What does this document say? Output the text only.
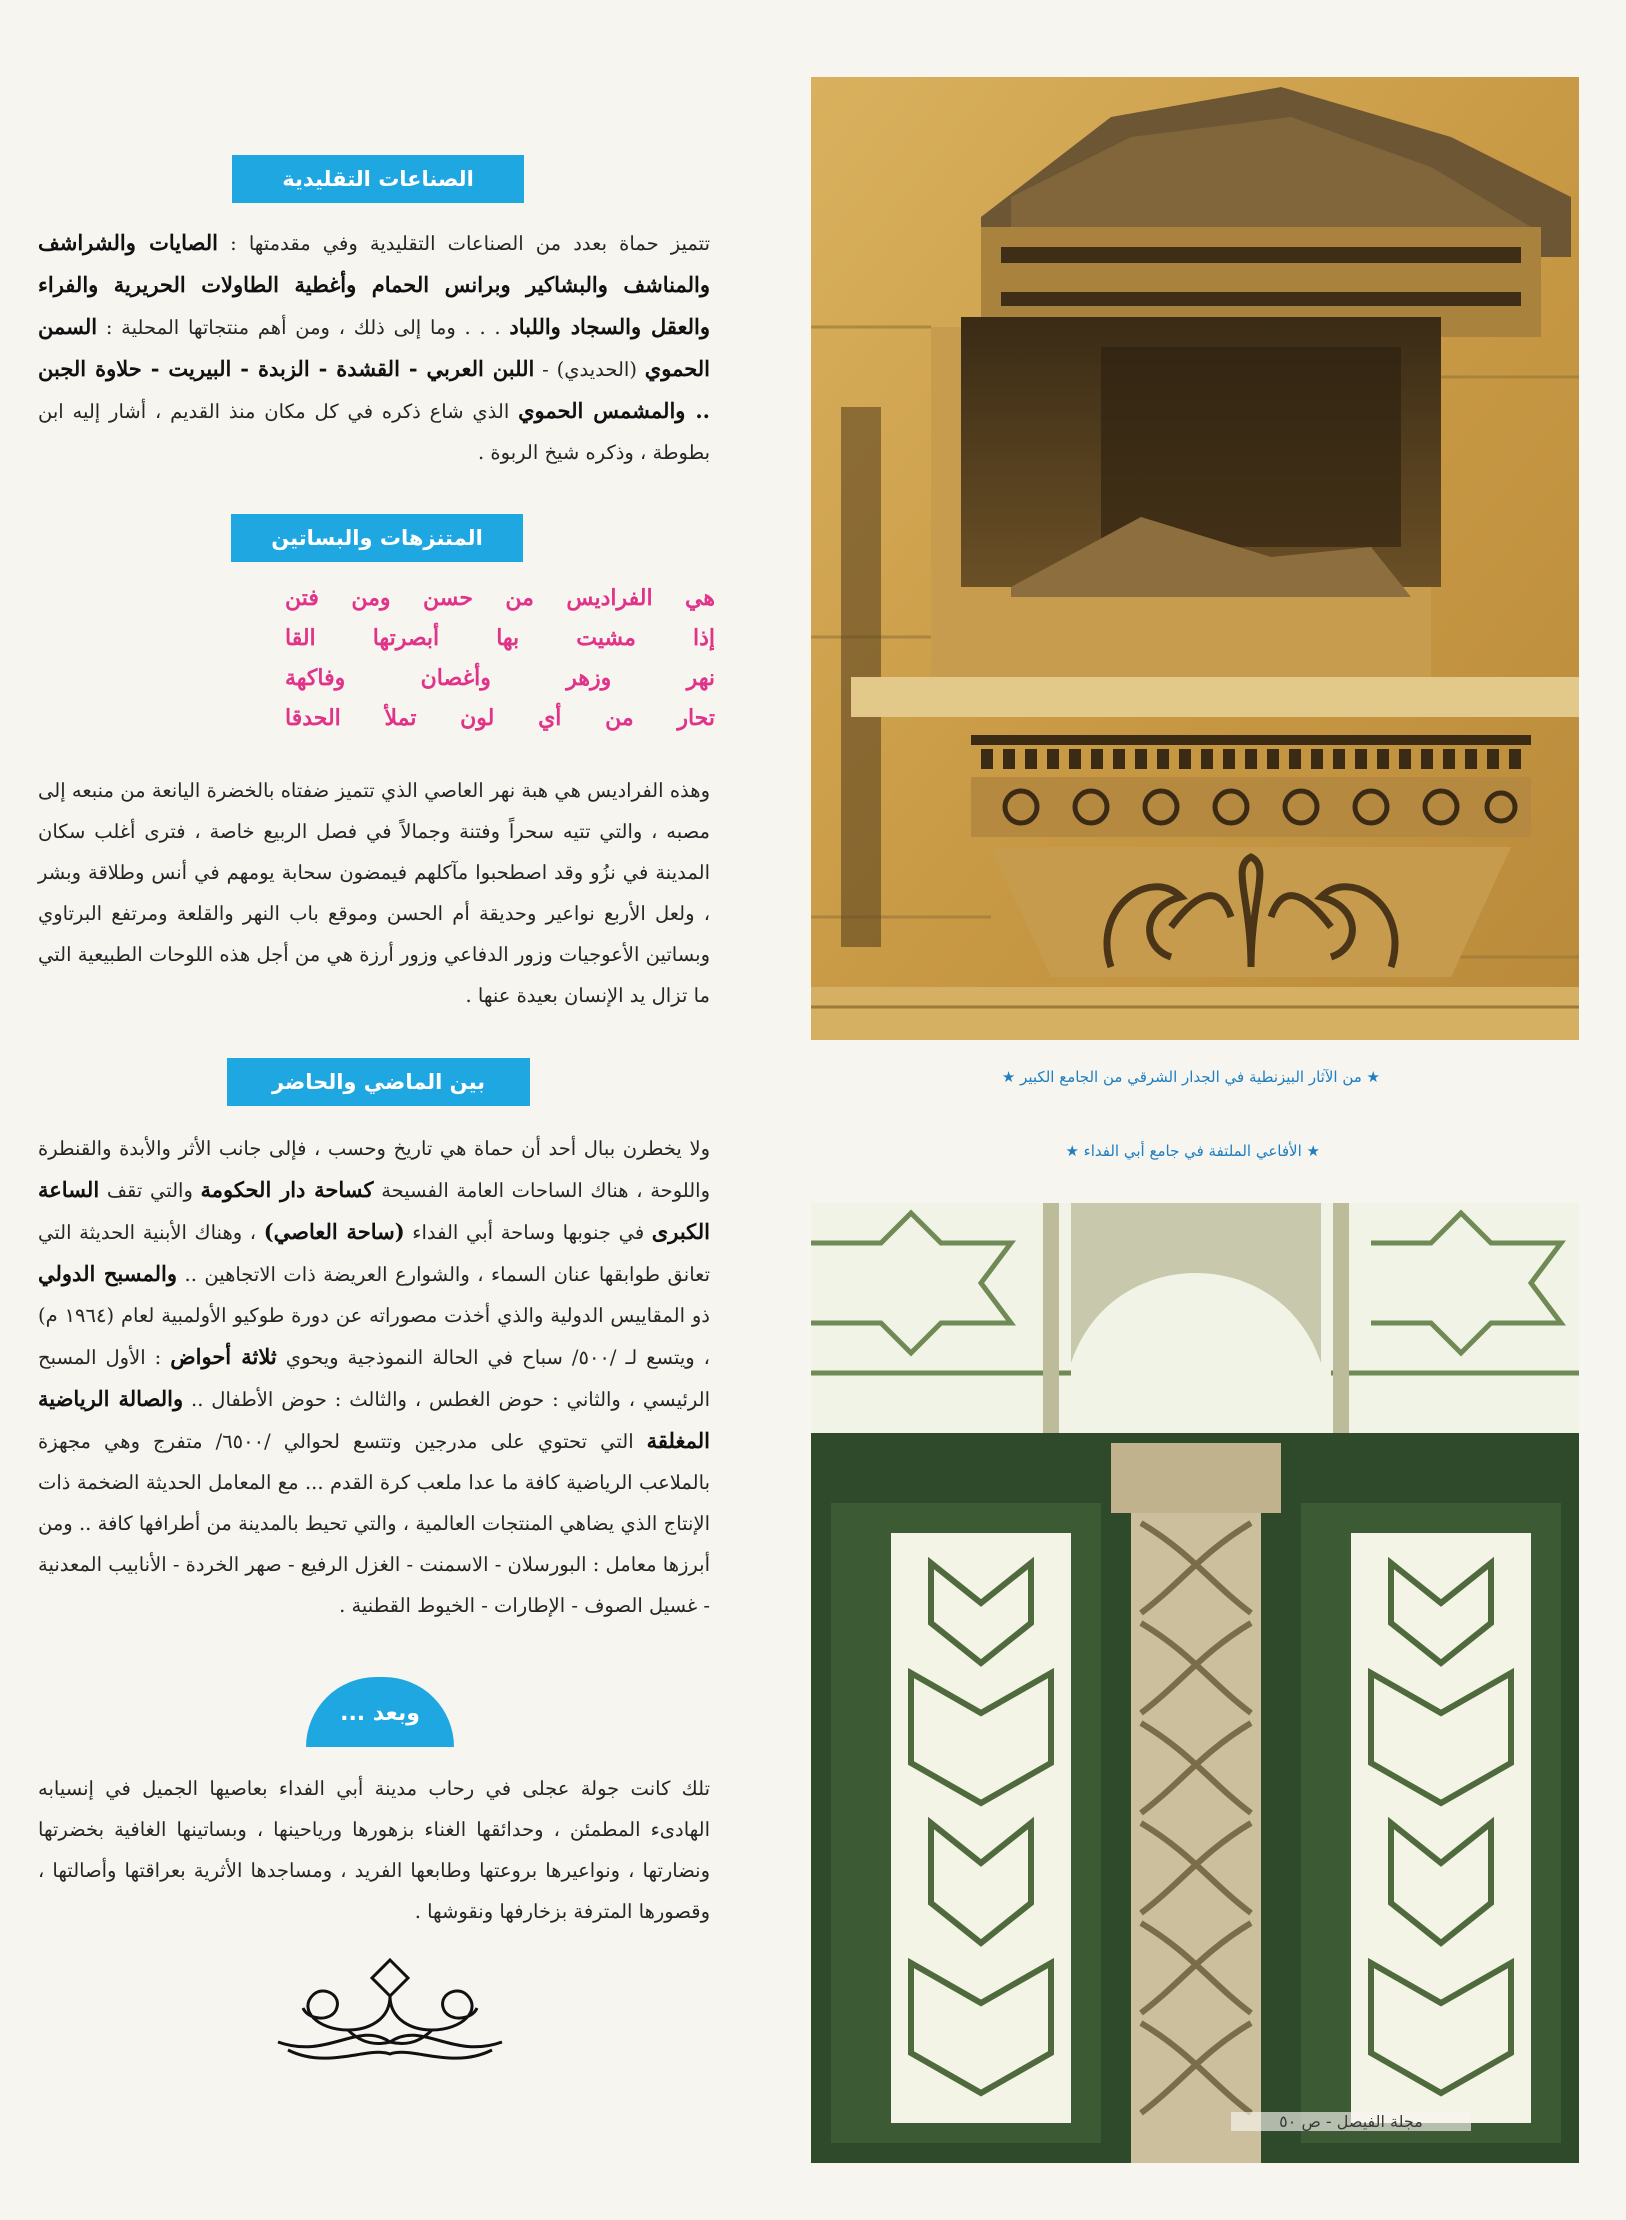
★ من الآثار البيزنطية في الجدار الشرقي من الجامع الكبير ★
★ الأفاعي الملتفة في جامع أبي الفداء ★
مجلة الفيصل - ص ٥٠
الصناعات التقليدية
تتميز حماة بعدد من الصناعات التقليدية وفي مقدمتها : الصايات والشراشف والمناشف والبشاكير وبرانس الحمام وأغطية الطاولات الحريرية والفراء والعقل والسجاد واللباد . . . وما إلى ذلك ، ومن أهم منتجاتها المحلية : السمن الحموي (الحديدي) - اللبن العربي - القشدة - الزبدة - البيريت - حلاوة الجبن .. والمشمس الحموي الذي شاع ذكره في كل مكان منذ القديم ، أشار إليه ابن بطوطة ، وذكره شيخ الربوة .
المتنزهات والبساتين
هي الفراديس من حسن ومن فتن
إذا مشيت بها أبصرتها القا
نهر وزهر وأغصان وفاكهة
تحار من أي لون تملأ الحدقا
وهذه الفراديس هي هبة نهر العاصي الذي تتميز ضفتاه بالخضرة اليانعة من منبعه إلى مصبه ، والتي تتيه سحراً وفتنة وجمالاً في فصل الربيع خاصة ، فترى أغلب سكان المدينة في نزُو وقد اصطحبوا مآكلهم فيمضون سحابة يومهم في أنس وطلاقة وبشر ، ولعل الأربع نواعير وحديقة أم الحسن وموقع باب النهر والقلعة ومرتفع البرتاوي وبساتين الأعوجيات وزور الدفاعي وزور أرزة هي من أجل هذه اللوحات الطبيعية التي ما تزال يد الإنسان بعيدة عنها .
بين الماضي والحاضر
ولا يخطرن ببال أحد أن حماة هي تاريخ وحسب ، فإلى جانب الأثر والأبدة والقنطرة واللوحة ، هناك الساحات العامة الفسيحة كساحة دار الحكومة والتي تقف الساعة الكبرى في جنوبها وساحة أبي الفداء (ساحة العاصي) ، وهناك الأبنية الحديثة التي تعانق طوابقها عنان السماء ، والشوارع العريضة ذات الاتجاهين .. والمسبح الدولي ذو المقاييس الدولية والذي أخذت مصوراته عن دورة طوكيو الأولمبية لعام (١٩٦٤ م) ، ويتسع لـ /٥٠٠/ سباح في الحالة النموذجية ويحوي ثلاثة أحواض : الأول المسبح الرئيسي ، والثاني : حوض الغطس ، والثالث : حوض الأطفال .. والصالة الرياضية المغلقة التي تحتوي على مدرجين وتتسع لحوالي /٦٥٠٠/ متفرج وهي مجهزة بالملاعب الرياضية كافة ما عدا ملعب كرة القدم ... مع المعامل الحديثة الضخمة ذات الإنتاج الذي يضاهي المنتجات العالمية ، والتي تحيط بالمدينة من أطرافها كافة .. ومن أبرزها معامل : البورسلان - الاسمنت - الغزل الرفيع - صهر الخردة - الأنابيب المعدنية - غسيل الصوف - الإطارات - الخيوط القطنية .
وبعد ...
تلك كانت جولة عجلى في رحاب مدينة أبي الفداء بعاصيها الجميل في إنسيابه الهادىء المطمئن ، وحدائقها الغناء بزهورها ورياحينها ، وبساتينها الغافية بخضرتها ونضارتها ، ونواعيرها بروعتها وطابعها الفريد ، ومساجدها الأثرية بعراقتها وأصالتها ، وقصورها المترفة بزخارفها ونقوشها .
